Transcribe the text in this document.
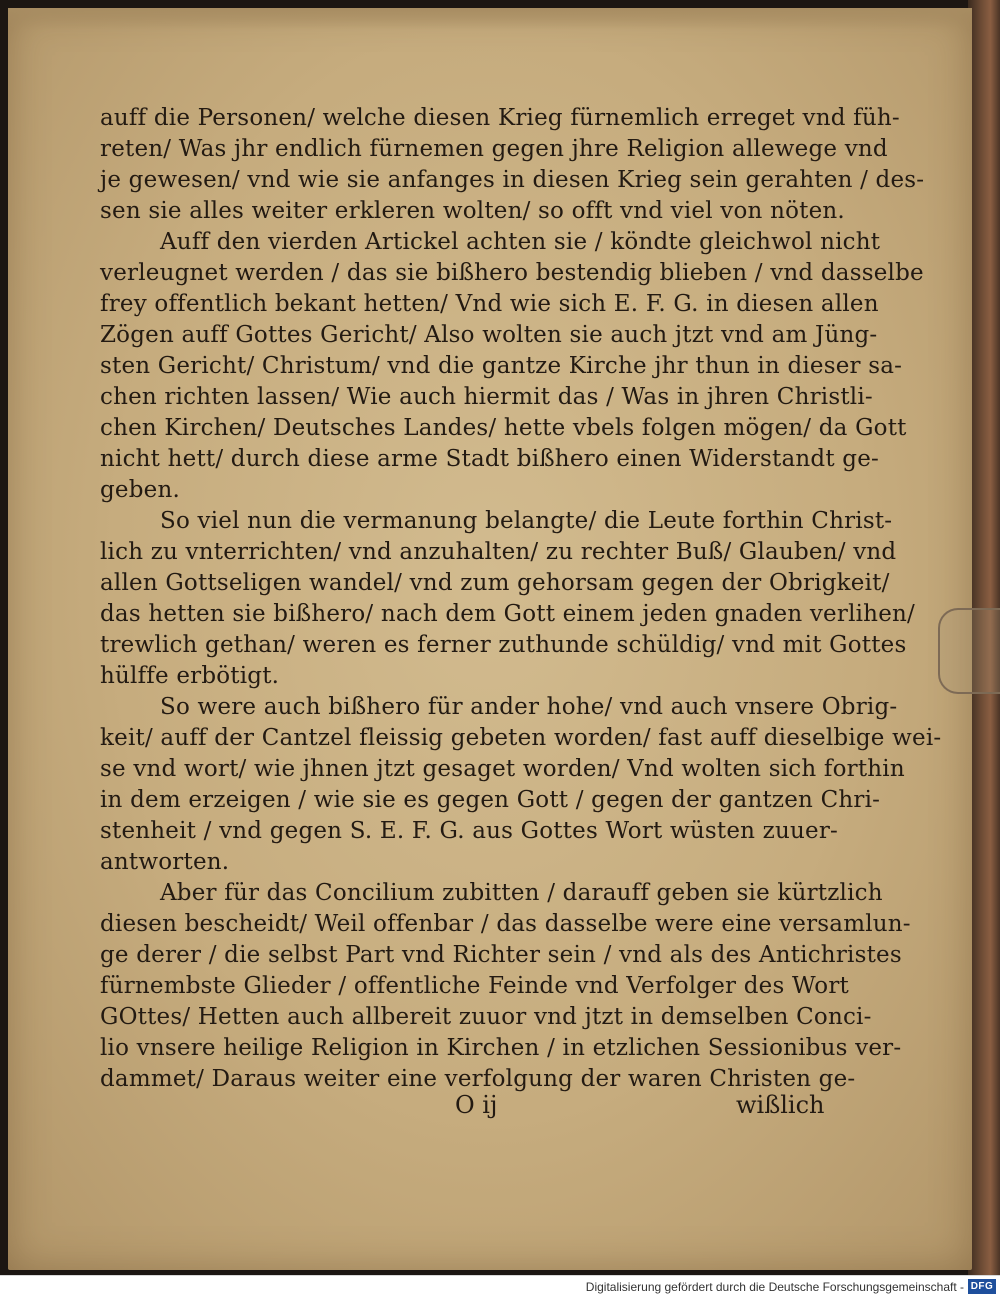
auff die Personen/ welche diesen Krieg fürnemlich erreget vnd füh-
reten/ Was jhr endlich fürnemen gegen jhre Religion allewege vnd
je gewesen/ vnd wie sie anfanges in diesen Krieg sein gerahten / des-
sen sie alles weiter erkleren wolten/ so offt vnd viel von nöten.
Auff den vierden Artickel achten sie / köndte gleichwol nicht
verleugnet werden / das sie bißhero bestendig blieben / vnd dasselbe
frey offentlich bekant hetten/ Vnd wie sich E. F. G. in diesen allen
Zögen auff Gottes Gericht/ Also wolten sie auch jtzt vnd am Jüng-
sten Gericht/ Christum/ vnd die gantze Kirche jhr thun in dieser sa-
chen richten lassen/ Wie auch hiermit das / Was in jhren Christli-
chen Kirchen/ Deutsches Landes/ hette vbels folgen mögen/ da Gott
nicht hett/ durch diese arme Stadt bißhero einen Widerstandt ge-
geben.
So viel nun die vermanung belangte/ die Leute forthin Christ-
lich zu vnterrichten/ vnd anzuhalten/ zu rechter Buß/ Glauben/ vnd
allen Gottseligen wandel/ vnd zum gehorsam gegen der Obrigkeit/
das hetten sie bißhero/ nach dem Gott einem jeden gnaden verlihen/
trewlich gethan/ weren es ferner zuthunde schüldig/ vnd mit Gottes
hülffe erbötigt.
So were auch bißhero für ander hohe/ vnd auch vnsere Obrig-
keit/ auff der Cantzel fleissig gebeten worden/ fast auff dieselbige wei-
se vnd wort/ wie jhnen jtzt gesaget worden/ Vnd wolten sich forthin
in dem erzeigen / wie sie es gegen Gott / gegen der gantzen Chri-
stenheit / vnd gegen S. E. F. G. aus Gottes Wort wüsten zuuer-
antworten.
Aber für das Concilium zubitten / darauff geben sie kürtzlich
diesen bescheidt/ Weil offenbar / das dasselbe were eine versamlun-
ge derer / die selbst Part vnd Richter sein / vnd als des Antichristes
fürnembste Glieder / offentliche Feinde vnd Verfolger des Wort
GOttes/ Hetten auch allbereit zuuor vnd jtzt in demselben Conci-
lio vnsere heilige Religion in Kirchen / in etzlichen Sessionibus ver-
dammet/ Daraus weiter eine verfolgung der waren Christen ge-
O ij	wißlich
Digitalisierung gefördert durch die Deutsche Forschungsgemeinschaft - DFG
